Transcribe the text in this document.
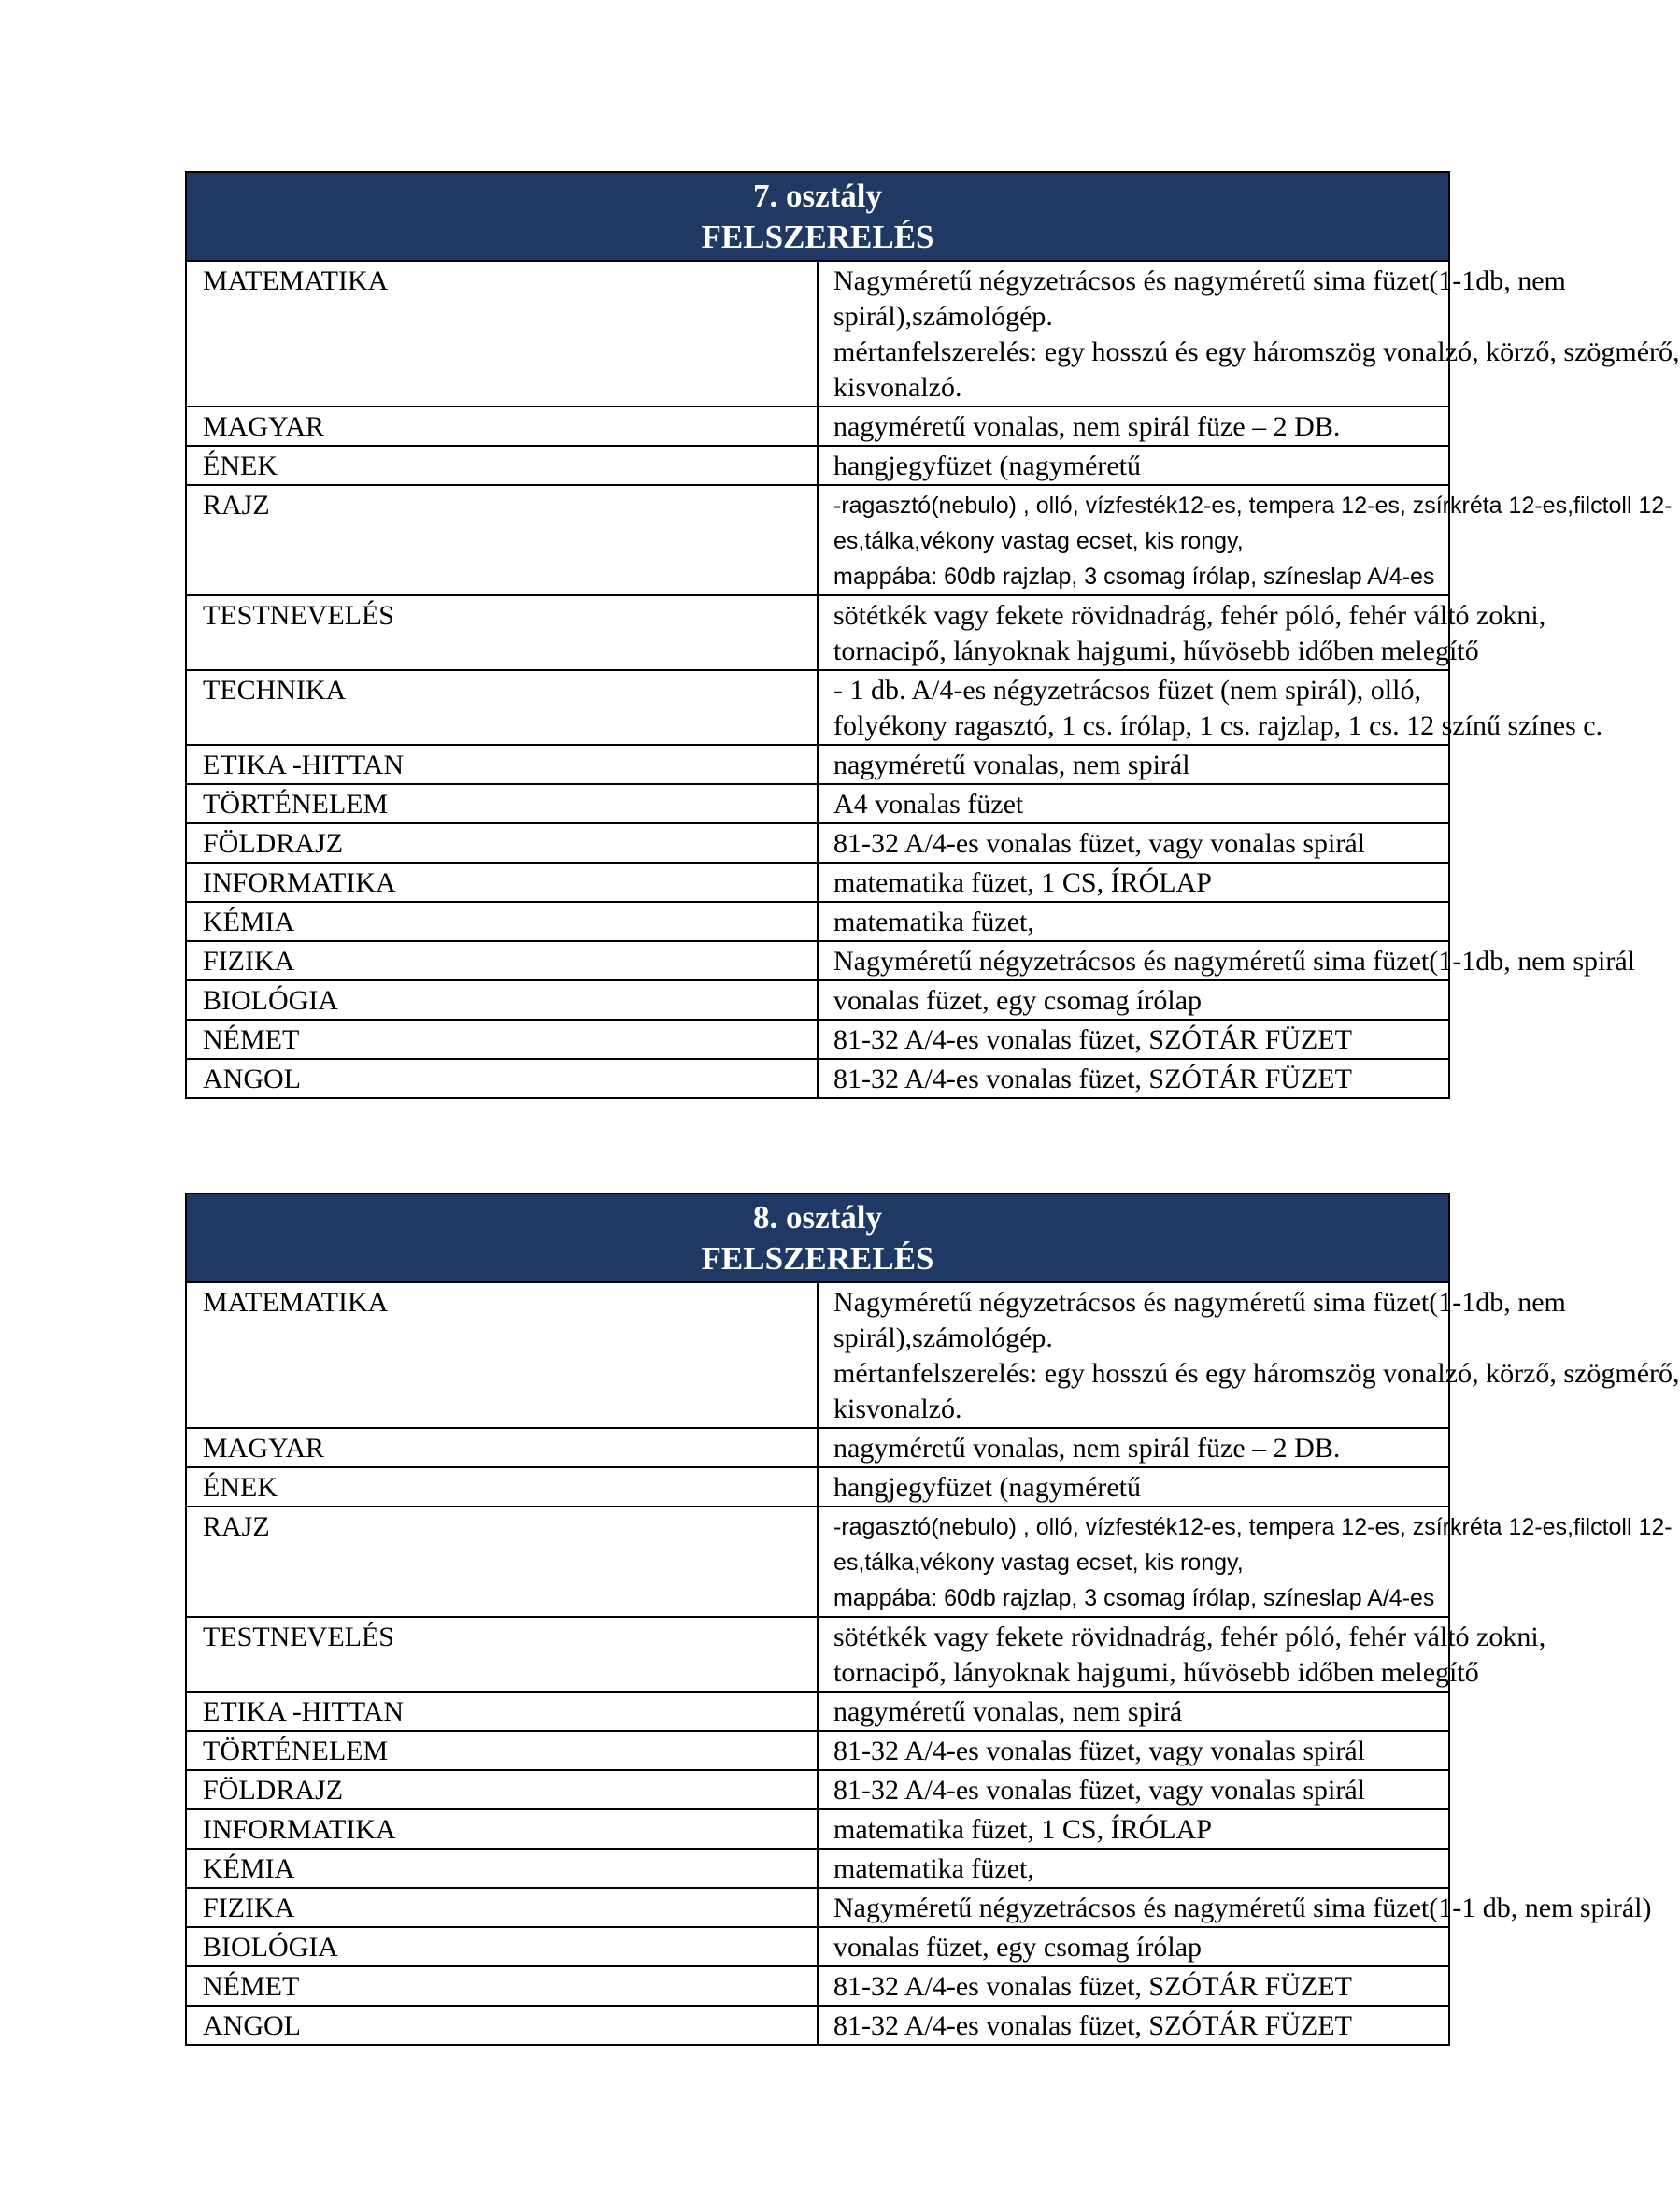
7. osztály
FELSZERELÉS	

MATEMATIKA	Nagyméretű négyzetrácsos és nagyméretű sima füzet(1-1db, nem
spirál),számológép.
mértanfelszerelés: egy hosszú és egy háromszög vonalzó, körző, szögmérő,
kisvonalzó.

MAGYAR	nagyméretű vonalas, nem spirál füze – 2 DB.

ÉNEK	hangjegyfüzet (nagyméretű

RAJZ	-ragasztó(nebulo) , olló, vízfesték12-es, tempera 12-es, zsírkréta 12-es,filctoll 12-
es,tálka,vékony vastag ecset, kis rongy,
mappába: 60db rajzlap, 3 csomag írólap, színeslap A/4-es

TESTNEVELÉS	sötétkék vagy fekete rövidnadrág, fehér póló, fehér váltó zokni,
tornacipő, lányoknak hajgumi, hűvösebb időben melegítő

TECHNIKA	- 1 db. A/4-es négyzetrácsos füzet (nem spirál), olló,
folyékony ragasztó, 1 cs. írólap, 1 cs. rajzlap, 1 cs. 12 színű színes c.

ETIKA -HITTAN	nagyméretű vonalas, nem spirál

TÖRTÉNELEM	A4 vonalas füzet

FÖLDRAJZ	81-32 A/4-es vonalas füzet, vagy vonalas spirál

INFORMATIKA	matematika füzet, 1 CS, ÍRÓLAP

KÉMIA	matematika füzet,

FIZIKA	Nagyméretű négyzetrácsos és nagyméretű sima füzet(1-1db, nem spirál

BIOLÓGIA	vonalas füzet, egy csomag írólap

NÉMET	81-32 A/4-es vonalas füzet, SZÓTÁR FÜZET

ANGOL	81-32 A/4-es vonalas füzet, SZÓTÁR FÜZET
8. osztály
FELSZERELÉS	

MATEMATIKA	Nagyméretű négyzetrácsos és nagyméretű sima füzet(1-1db, nem
spirál),számológép.
mértanfelszerelés: egy hosszú és egy háromszög vonalzó, körző, szögmérő,
kisvonalzó.

MAGYAR	nagyméretű vonalas, nem spirál füze – 2 DB.

ÉNEK	hangjegyfüzet (nagyméretű

RAJZ	-ragasztó(nebulo) , olló, vízfesték12-es, tempera 12-es, zsírkréta 12-es,filctoll 12-
es,tálka,vékony vastag ecset, kis rongy,
mappába: 60db rajzlap, 3 csomag írólap, színeslap A/4-es

TESTNEVELÉS	sötétkék vagy fekete rövidnadrág, fehér póló, fehér váltó zokni,
tornacipő, lányoknak hajgumi, hűvösebb időben melegítő

ETIKA -HITTAN	nagyméretű vonalas, nem spirá

TÖRTÉNELEM	81-32 A/4-es vonalas füzet, vagy vonalas spirál

FÖLDRAJZ	81-32 A/4-es vonalas füzet, vagy vonalas spirál

INFORMATIKA	matematika füzet, 1 CS, ÍRÓLAP

KÉMIA	matematika füzet,

FIZIKA	Nagyméretű négyzetrácsos és nagyméretű sima füzet(1-1 db, nem spirál)

BIOLÓGIA	vonalas füzet, egy csomag írólap

NÉMET	81-32 A/4-es vonalas füzet, SZÓTÁR FÜZET

ANGOL	81-32 A/4-es vonalas füzet, SZÓTÁR FÜZET
